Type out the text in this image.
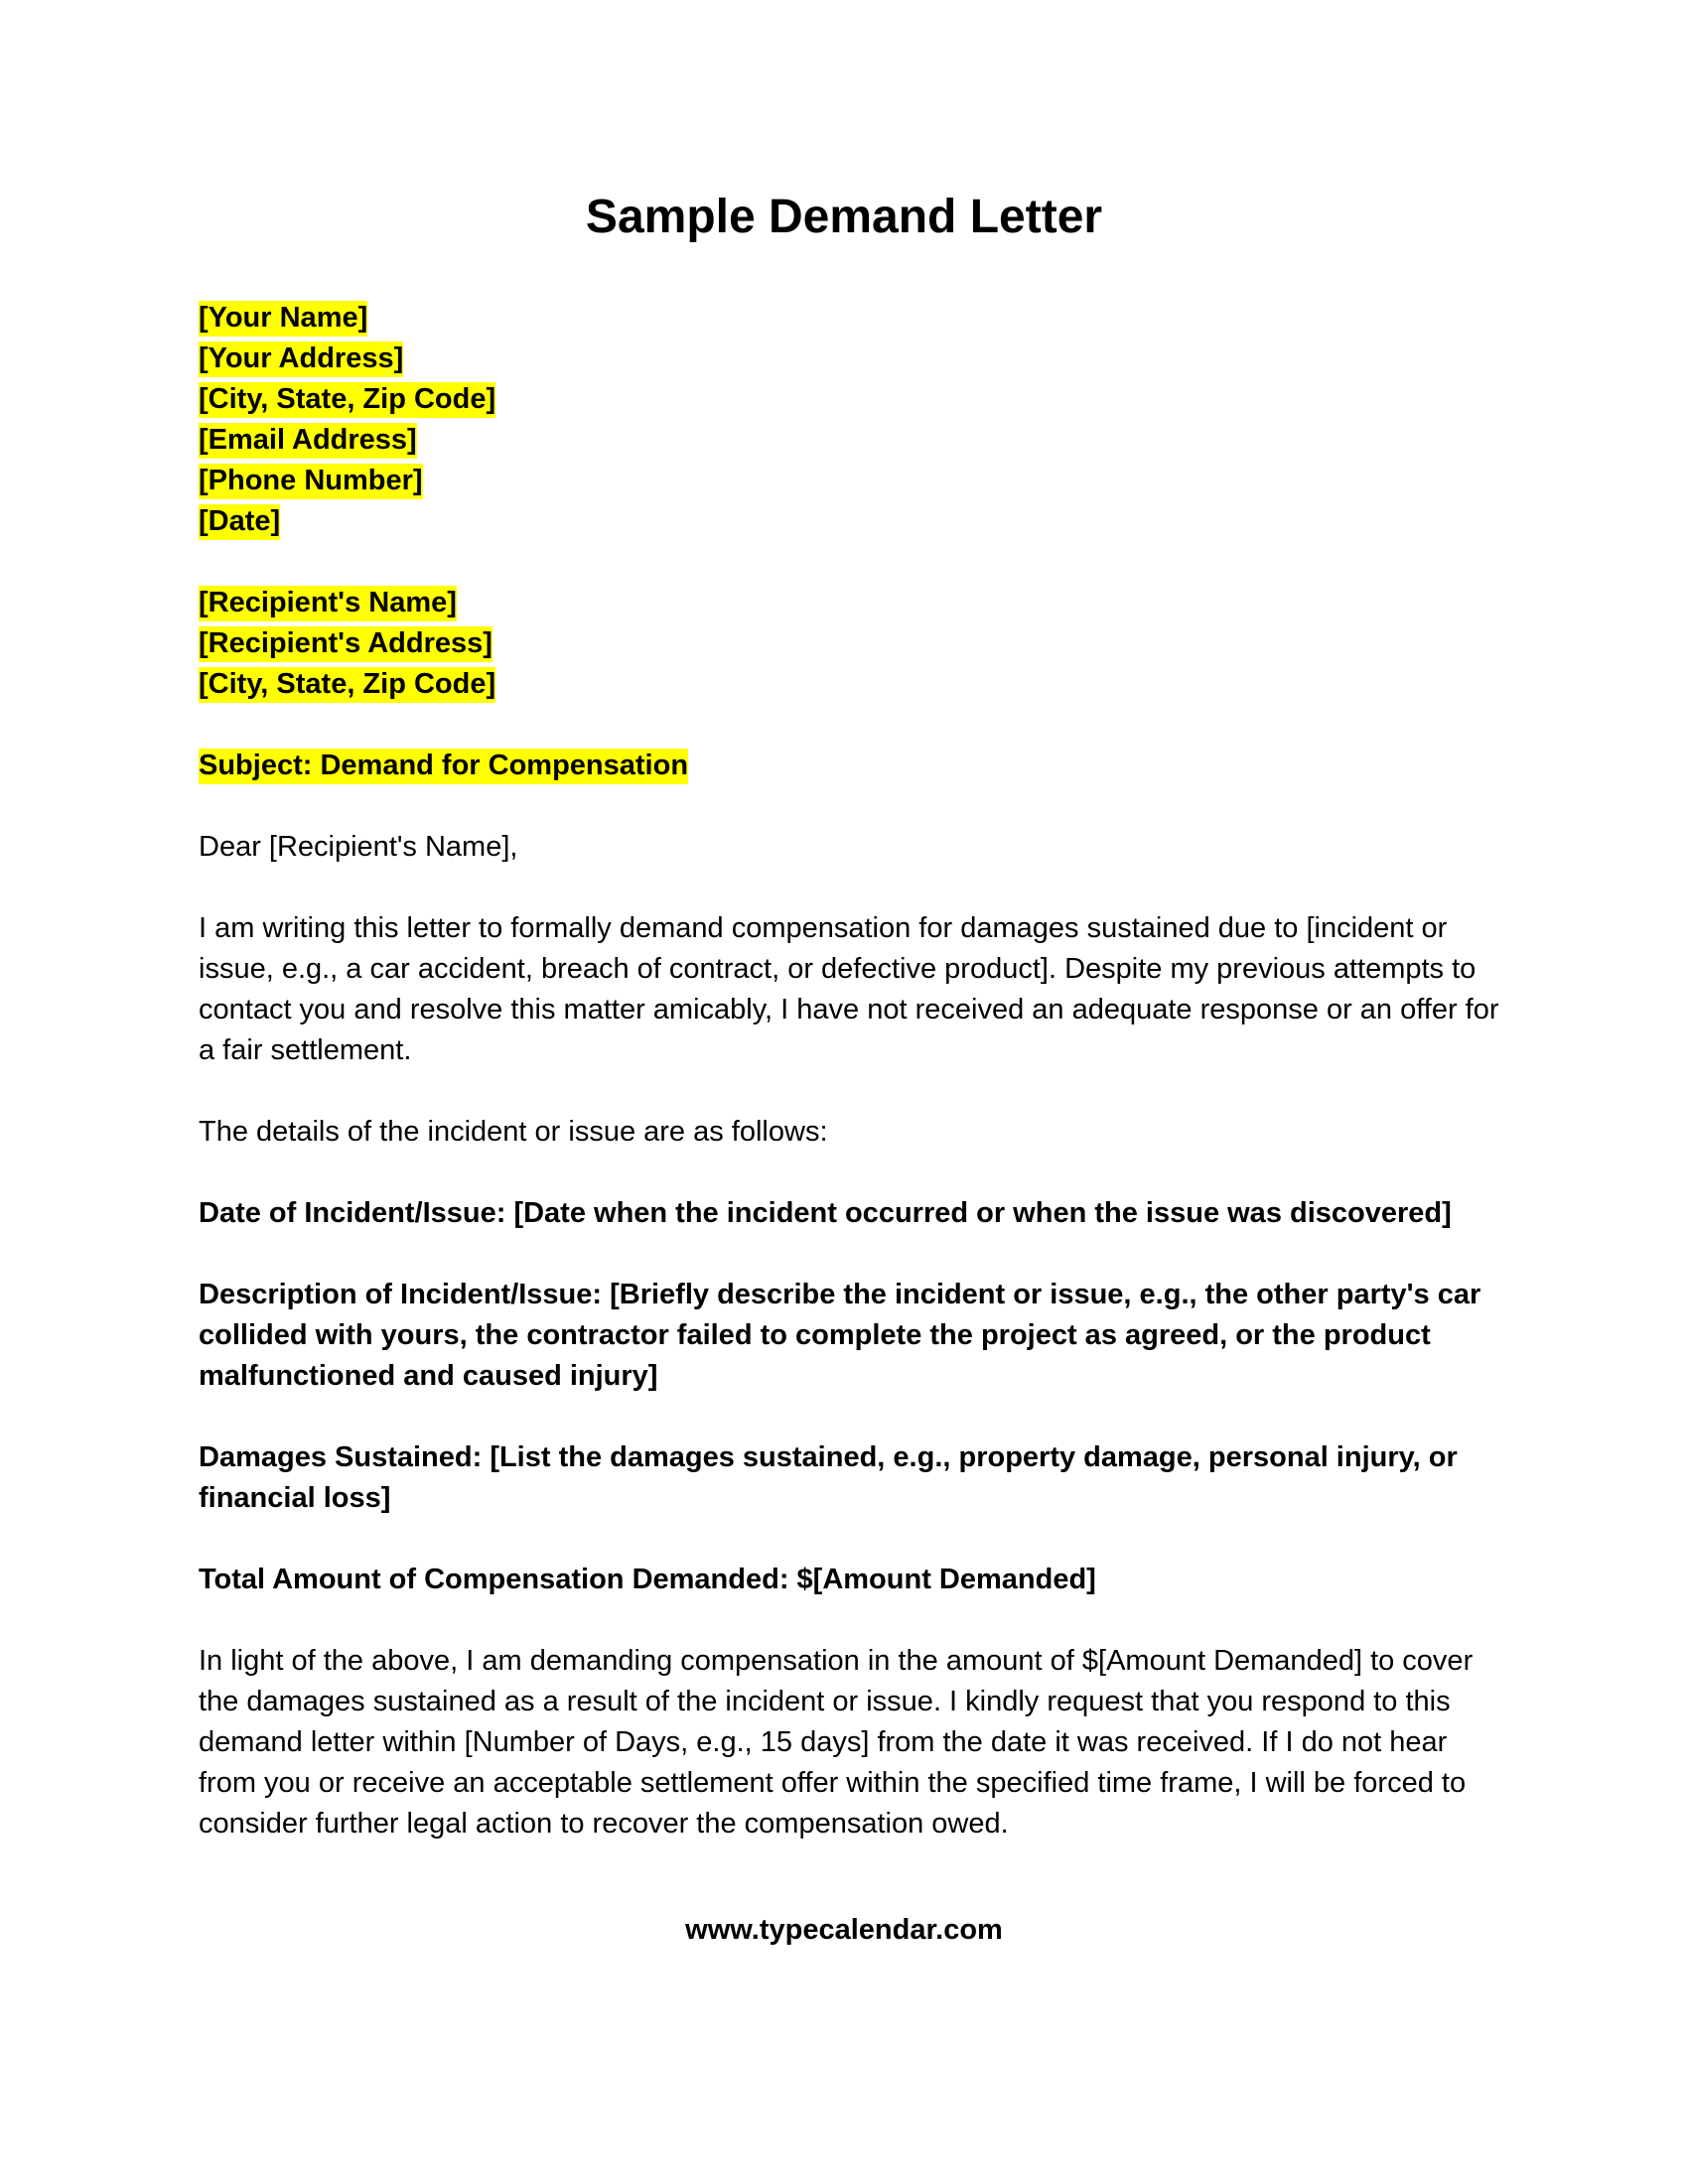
Sample Demand Letter
[Your Name]
[Your Address]
[City, State, Zip Code]
[Email Address]
[Phone Number]
[Date]
[Recipient's Name]
[Recipient's Address]
[City, State, Zip Code]
Subject: Demand for Compensation

Dear [Recipient's Name],

I am writing this letter to formally demand compensation for damages sustained due to [incident or issue, e.g., a car accident, breach of contract, or defective product]. Despite my previous attempts to contact you and resolve this matter amicably, I have not received an adequate response or an offer for a fair settlement.

The details of the incident or issue are as follows:

Date of Incident/Issue: [Date when the incident occurred or when the issue was discovered]

Description of Incident/Issue: [Briefly describe the incident or issue, e.g., the other party's car collided with yours, the contractor failed to complete the project as agreed, or the product malfunctioned and caused injury]

Damages Sustained: [List the damages sustained, e.g., property damage, personal injury, or financial loss]

Total Amount of Compensation Demanded: $[Amount Demanded]

In light of the above, I am demanding compensation in the amount of $[Amount Demanded] to cover the damages sustained as a result of the incident or issue. I kindly request that you respond to this demand letter within [Number of Days, e.g., 15 days] from the date it was received. If I do not hear from you or receive an acceptable settlement offer within the specified time frame, I will be forced to consider further legal action to recover the compensation owed.

www.typecalendar.com
